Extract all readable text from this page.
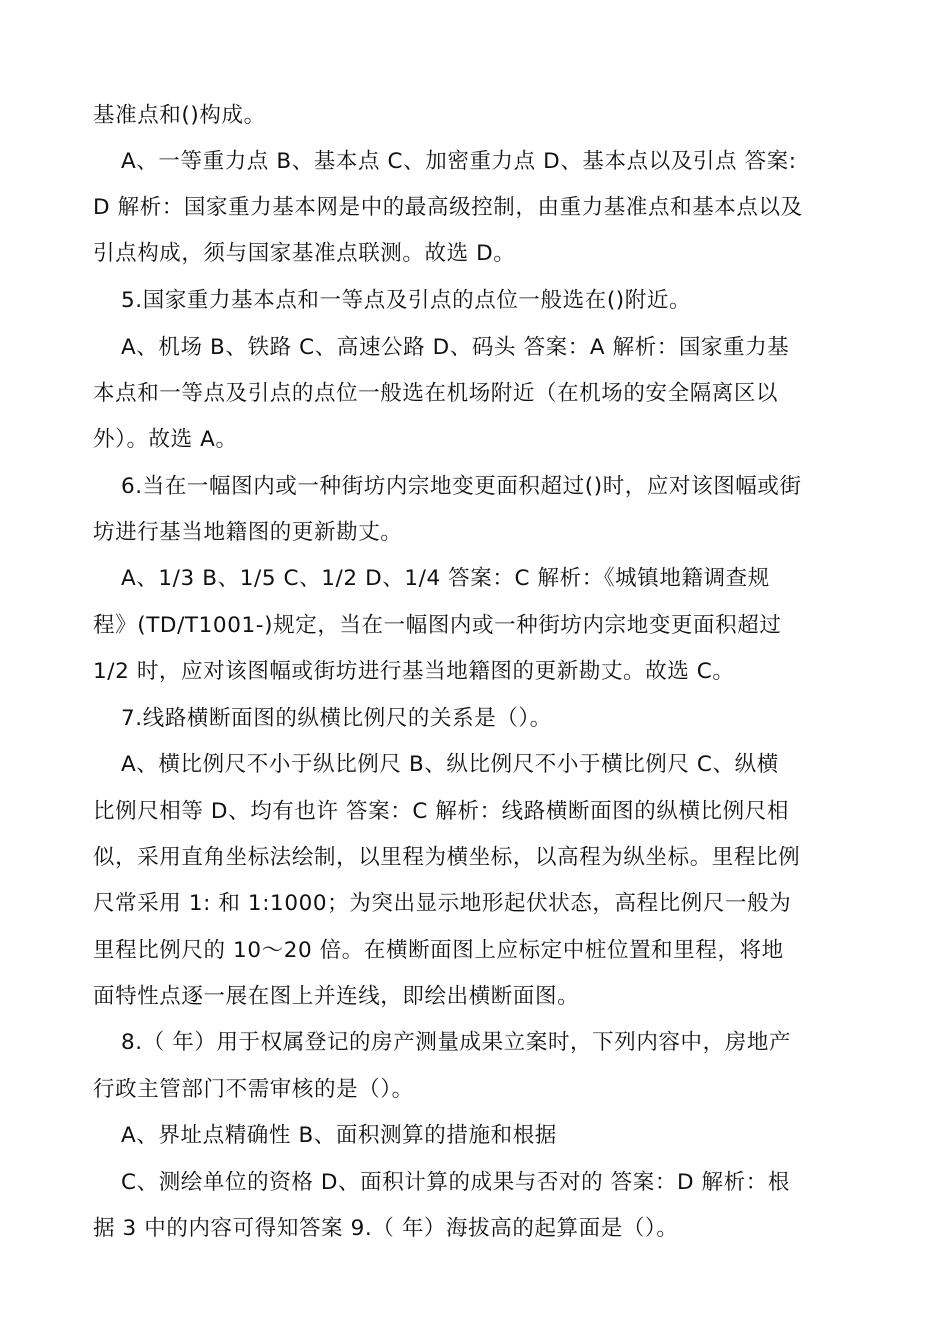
基准点和()构成。
A、一等重力点 B、基本点 C、加密重力点 D、基本点以及引点 答案:
D 解析：国家重力基本网是中的最高级控制，由重力基准点和基本点以及
引点构成，须与国家基准点联测。故选 D。
5.国家重力基本点和一等点及引点的点位一般选在()附近。
A、机场 B、铁路 C、高速公路 D、码头 答案：A 解析：国家重力基
本点和一等点及引点的点位一般选在机场附近（在机场的安全隔离区以
外）。故选 A。
6.当在一幅图内或一种街坊内宗地变更面积超过()时，应对该图幅或街
坊进行基当地籍图的更新勘丈。
A、1/3 B、1/5 C、1/2 D、1/4 答案：C 解析：《城镇地籍调查规
程》(TD/T1001-)规定，当在一幅图内或一种街坊内宗地变更面积超过
1/2 时，应对该图幅或街坊进行基当地籍图的更新勘丈。故选 C。
7.线路横断面图的纵横比例尺的关系是（）。
A、横比例尺不小于纵比例尺 B、纵比例尺不小于横比例尺 C、纵横
比例尺相等 D、均有也许 答案：C 解析：线路横断面图的纵横比例尺相
似，采用直角坐标法绘制，以里程为横坐标，以高程为纵坐标。里程比例
尺常采用 1: 和 1:1000；为突出显示地形起伏状态，高程比例尺一般为
里程比例尺的 10～20 倍。在横断面图上应标定中桩位置和里程，将地
面特性点逐一展在图上并连线，即绘出横断面图。
8.（ 年）用于权属登记的房产测量成果立案时，下列内容中，房地产
行政主管部门不需审核的是（）。
A、界址点精确性 B、面积测算的措施和根据
C、测绘单位的资格 D、面积计算的成果与否对的 答案：D 解析：根
据 3 中的内容可得知答案 9.（ 年）海拔高的起算面是（）。
